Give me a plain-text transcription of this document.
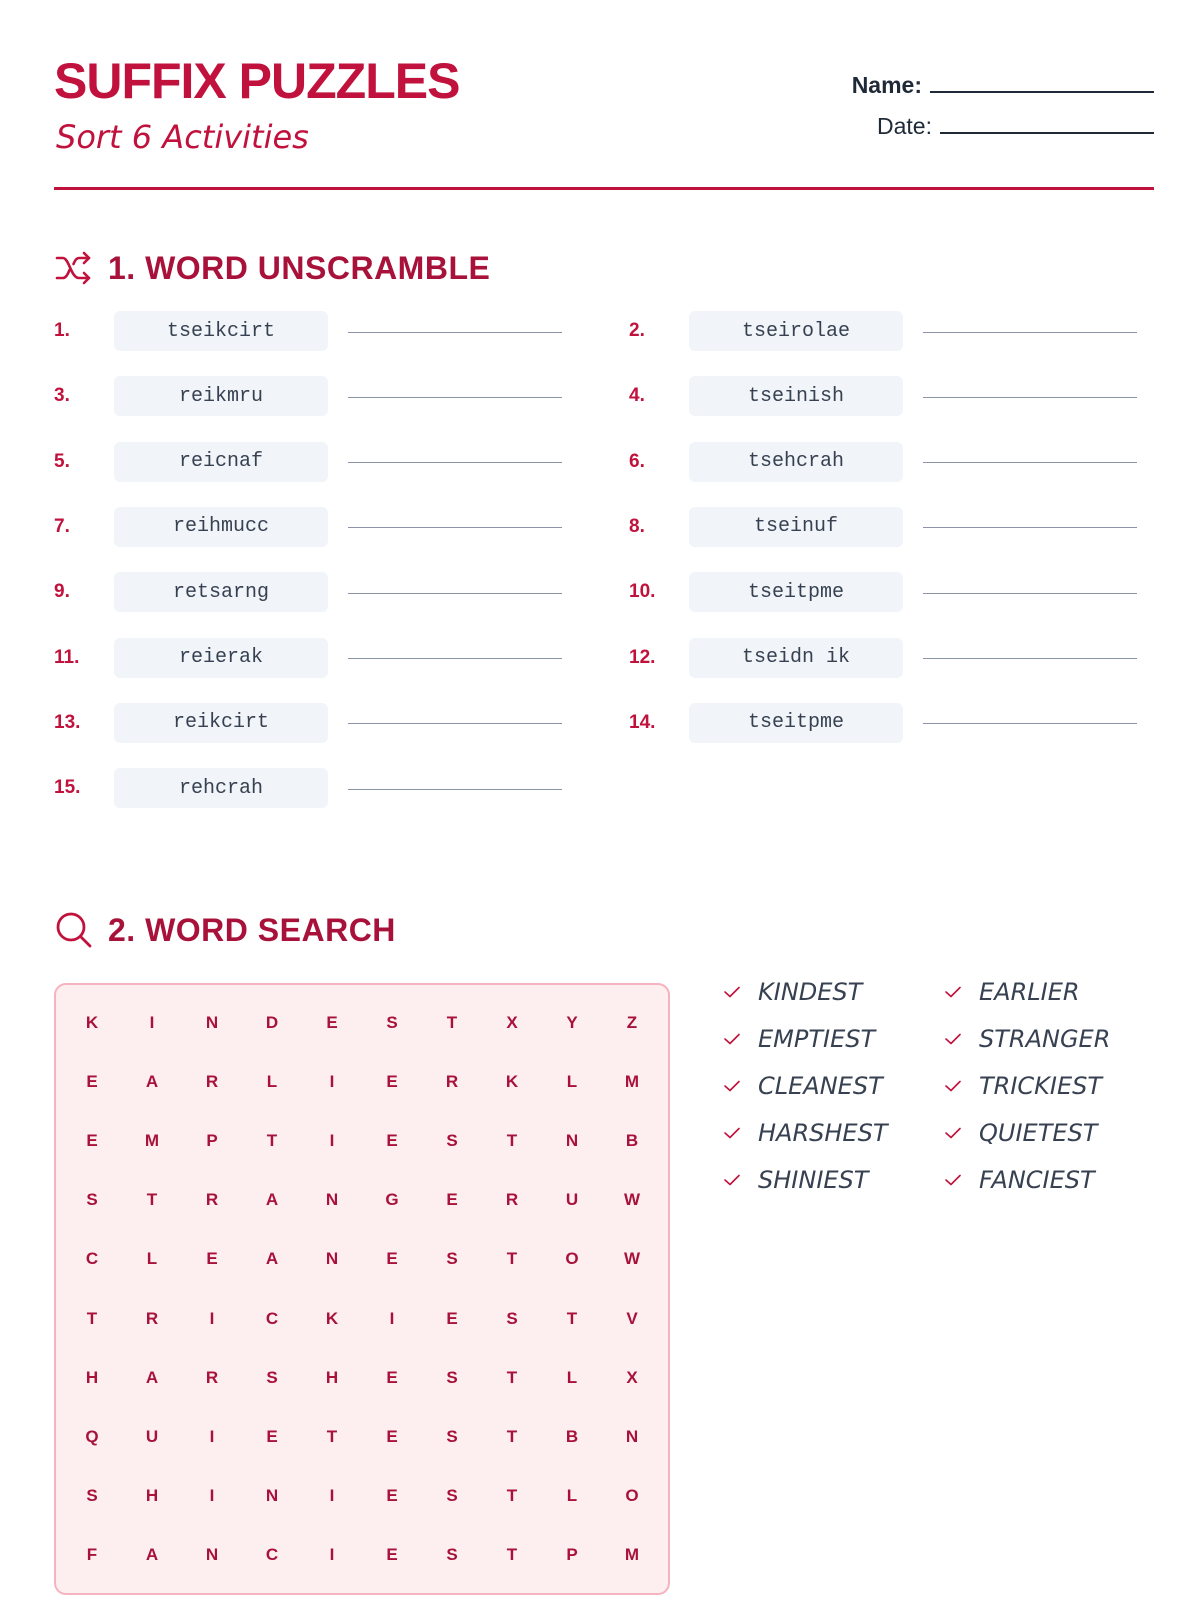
SUFFIX PUZZLES
Sort 6 Activities
Name:
Date:
1. WORD UNSCRAMBLE
1.	tseikcirt	2.	tseirolae
3.	reikmru	4.	tseinish
5.	reicnaf	6.	tsehcrah
7.	reihmucc	8.	tseinuf
9.	retsarng	10.	tseitpme
11.	reierak	12.	tseidn ik
13.	reikcirt	14.	tseitpme
15.	rehcrah
2. WORD SEARCH
K	I	N	D	E	S	T	X	Y	Z
E	A	R	L	I	E	R	K	L	M
E	M	P	T	I	E	S	T	N	B
S	T	R	A	N	G	E	R	U	W
C	L	E	A	N	E	S	T	O	W
T	R	I	C	K	I	E	S	T	V
H	A	R	S	H	E	S	T	L	X
Q	U	I	E	T	E	S	T	B	N
S	H	I	N	I	E	S	T	L	O
F	A	N	C	I	E	S	T	P	M
KINDEST	EARLIER
EMPTIEST	STRANGER
CLEANEST	TRICKIEST
HARSHEST	QUIETEST
SHINIEST	FANCIEST
